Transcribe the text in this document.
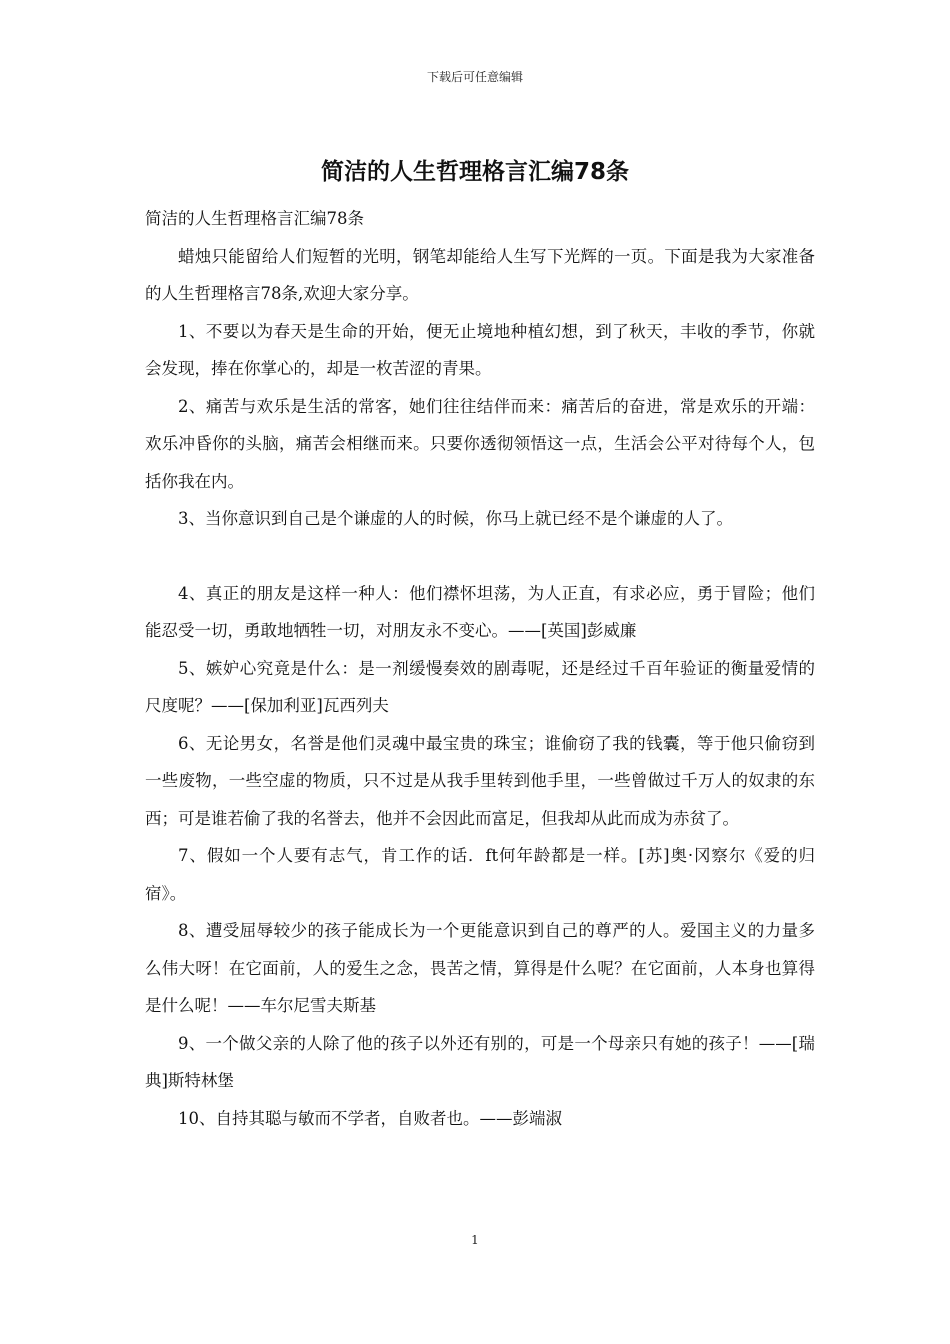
下载后可任意编辑
简洁的人生哲理格言汇编78条

简洁的人生哲理格言汇编78条

蜡烛只能留给人们短暂的光明，钢笔却能给人生写下光辉的一页。下面是我为大家准备的人生哲理格言78条,欢迎大家分享。

1、不要以为春天是生命的开始，便无止境地种植幻想，到了秋天，丰收的季节，你就会发现，捧在你掌心的，却是一枚苦涩的青果。

2、痛苦与欢乐是生活的常客，她们往往结伴而来：痛苦后的奋进，常是欢乐的开端：欢乐冲昏你的头脑，痛苦会相继而来。只要你透彻领悟这一点，生活会公平对待每个人，包括你我在内。

3、当你意识到自己是个谦虚的人的时候，你马上就已经不是个谦虚的人了。

4、真正的朋友是这样一种人：他们襟怀坦荡，为人正直，有求必应，勇于冒险；他们能忍受一切，勇敢地牺牲一切，对朋友永不变心。——[英国]彭威廉

5、嫉妒心究竟是什么：是一剂缓慢奏效的剧毒呢，还是经过千百年验证的衡量爱情的尺度呢？——[保加利亚]瓦西列夫

6、无论男女，名誉是他们灵魂中最宝贵的珠宝；谁偷窃了我的钱囊，等于他只偷窃到一些废物，一些空虚的物质，只不过是从我手里转到他手里，一些曾做过千万人的奴隶的东西；可是谁若偷了我的名誉去，他并不会因此而富足，但我却从此而成为赤贫了。

7、假如一个人要有志气，肯工作的话．ft何年龄都是一样。[苏]奥·冈察尔《爱的归宿》。

8、遭受屈辱较少的孩子能成长为一个更能意识到自己的尊严的人。爱国主义的力量多么伟大呀！在它面前，人的爱生之念，畏苦之情，算得是什么呢？在它面前，人本身也算得是什么呢！——车尔尼雪夫斯基

9、一个做父亲的人除了他的孩子以外还有别的，可是一个母亲只有她的孩子！——[瑞典]斯特林堡

10、自持其聪与敏而不学者，自败者也。——彭端淑

1
